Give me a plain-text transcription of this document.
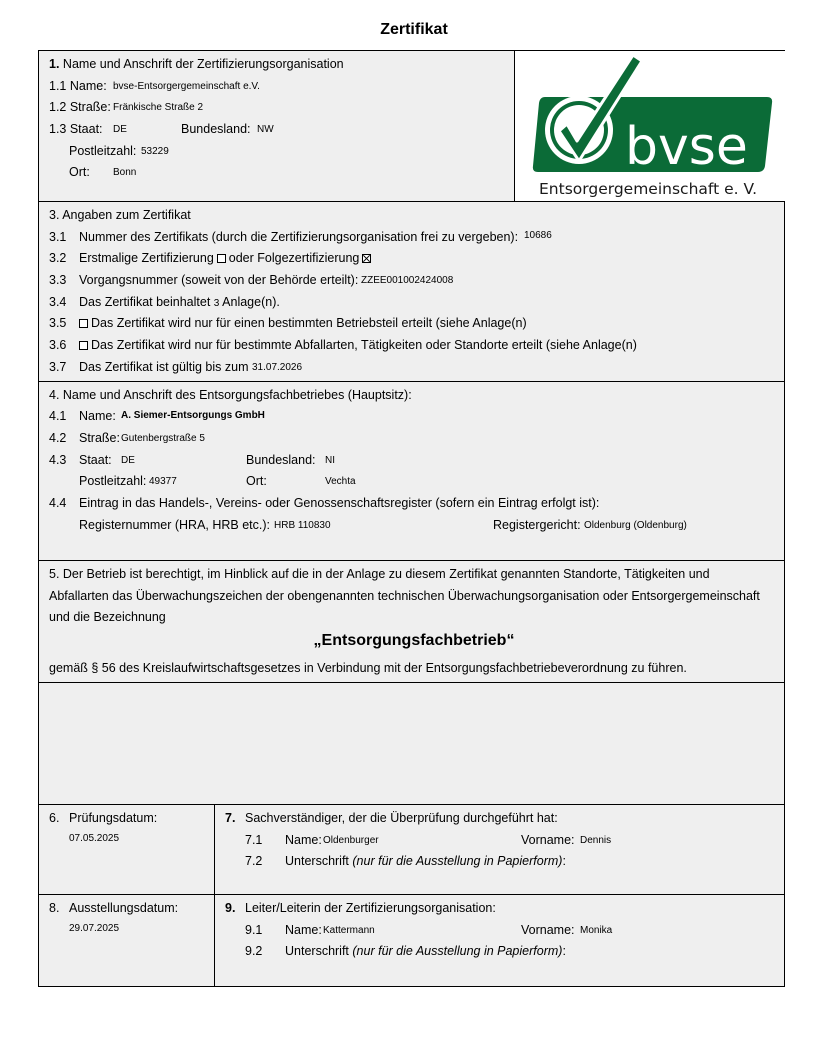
Zertifikat
1. Name und Anschrift der Zertifizierungsorganisation
1.1 Name: bvse-Entsorgergemeinschaft e.V.
1.2 Straße: Fränkische Straße 2
1.3 Staat: DE	Bundesland: NW
Postleitzahl: 53229
Ort: Bonn	bvse
Entsorgergemeinschaft e. V.
3. Angaben zum Zertifikat
3.1 Nummer des Zertifikats (durch die Zertifizierungsorganisation frei zu vergeben): 10686
3.2 Erstmalige Zertifizierung oder Folgezertifizierung
3.3 Vorgangsnummer (soweit von der Behörde erteilt): ZZEE001002424008
3.4 Das Zertifikat beinhaltet 3 Anlage(n).
3.5	Das Zertifikat wird nur für einen bestimmten Betriebsteil erteilt (siehe Anlage(n)
3.6	Das Zertifikat wird nur für bestimmte Abfallarten, Tätigkeiten oder Standorte erteilt (siehe Anlage(n)
3.7 Das Zertifikat ist gültig bis zum 31.07.2026
4. Name und Anschrift des Entsorgungsfachbetriebes (Hauptsitz):
4.1 Name: A. Siemer-Entsorgungs GmbH
4.2 Straße: Gutenbergstraße 5
4.3 Staat: DE	Bundesland: NI
Postleitzahl: 49377	Ort:	Vechta
4.4 Eintrag in das Handels-, Vereins- oder Genossenschaftsregister (sofern ein Eintrag erfolgt ist):
Registernummer (HRA, HRB etc.): HRB 110830	Registergericht: Oldenburg (Oldenburg)
5. Der Betrieb ist berechtigt, im Hinblick auf die in der Anlage zu diesem Zertifikat genannten Standorte, Tätigkeiten und
Abfallarten das Überwachungszeichen der obengenannten technischen Überwachungsorganisation oder Entsorgergemeinschaft
und die Bezeichnung
„Entsorgungsfachbetrieb“
gemäß § 56 des Kreislaufwirtschaftsgesetzes in Verbindung mit der Entsorgungsfachbetriebeverordnung zu führen.
6. Prüfungsdatum:
07.05.2025
7. Sachverständiger, der die Überprüfung durchgeführt hat:
7.1 Name: Oldenburger	Vorname: Dennis
7.2 Unterschrift (nur für die Ausstellung in Papierform):
8. Ausstellungsdatum:
29.07.2025
9. Leiter/Leiterin der Zertifizierungsorganisation:
9.1 Name: Kattermann	Vorname: Monika
9.2 Unterschrift (nur für die Ausstellung in Papierform):
